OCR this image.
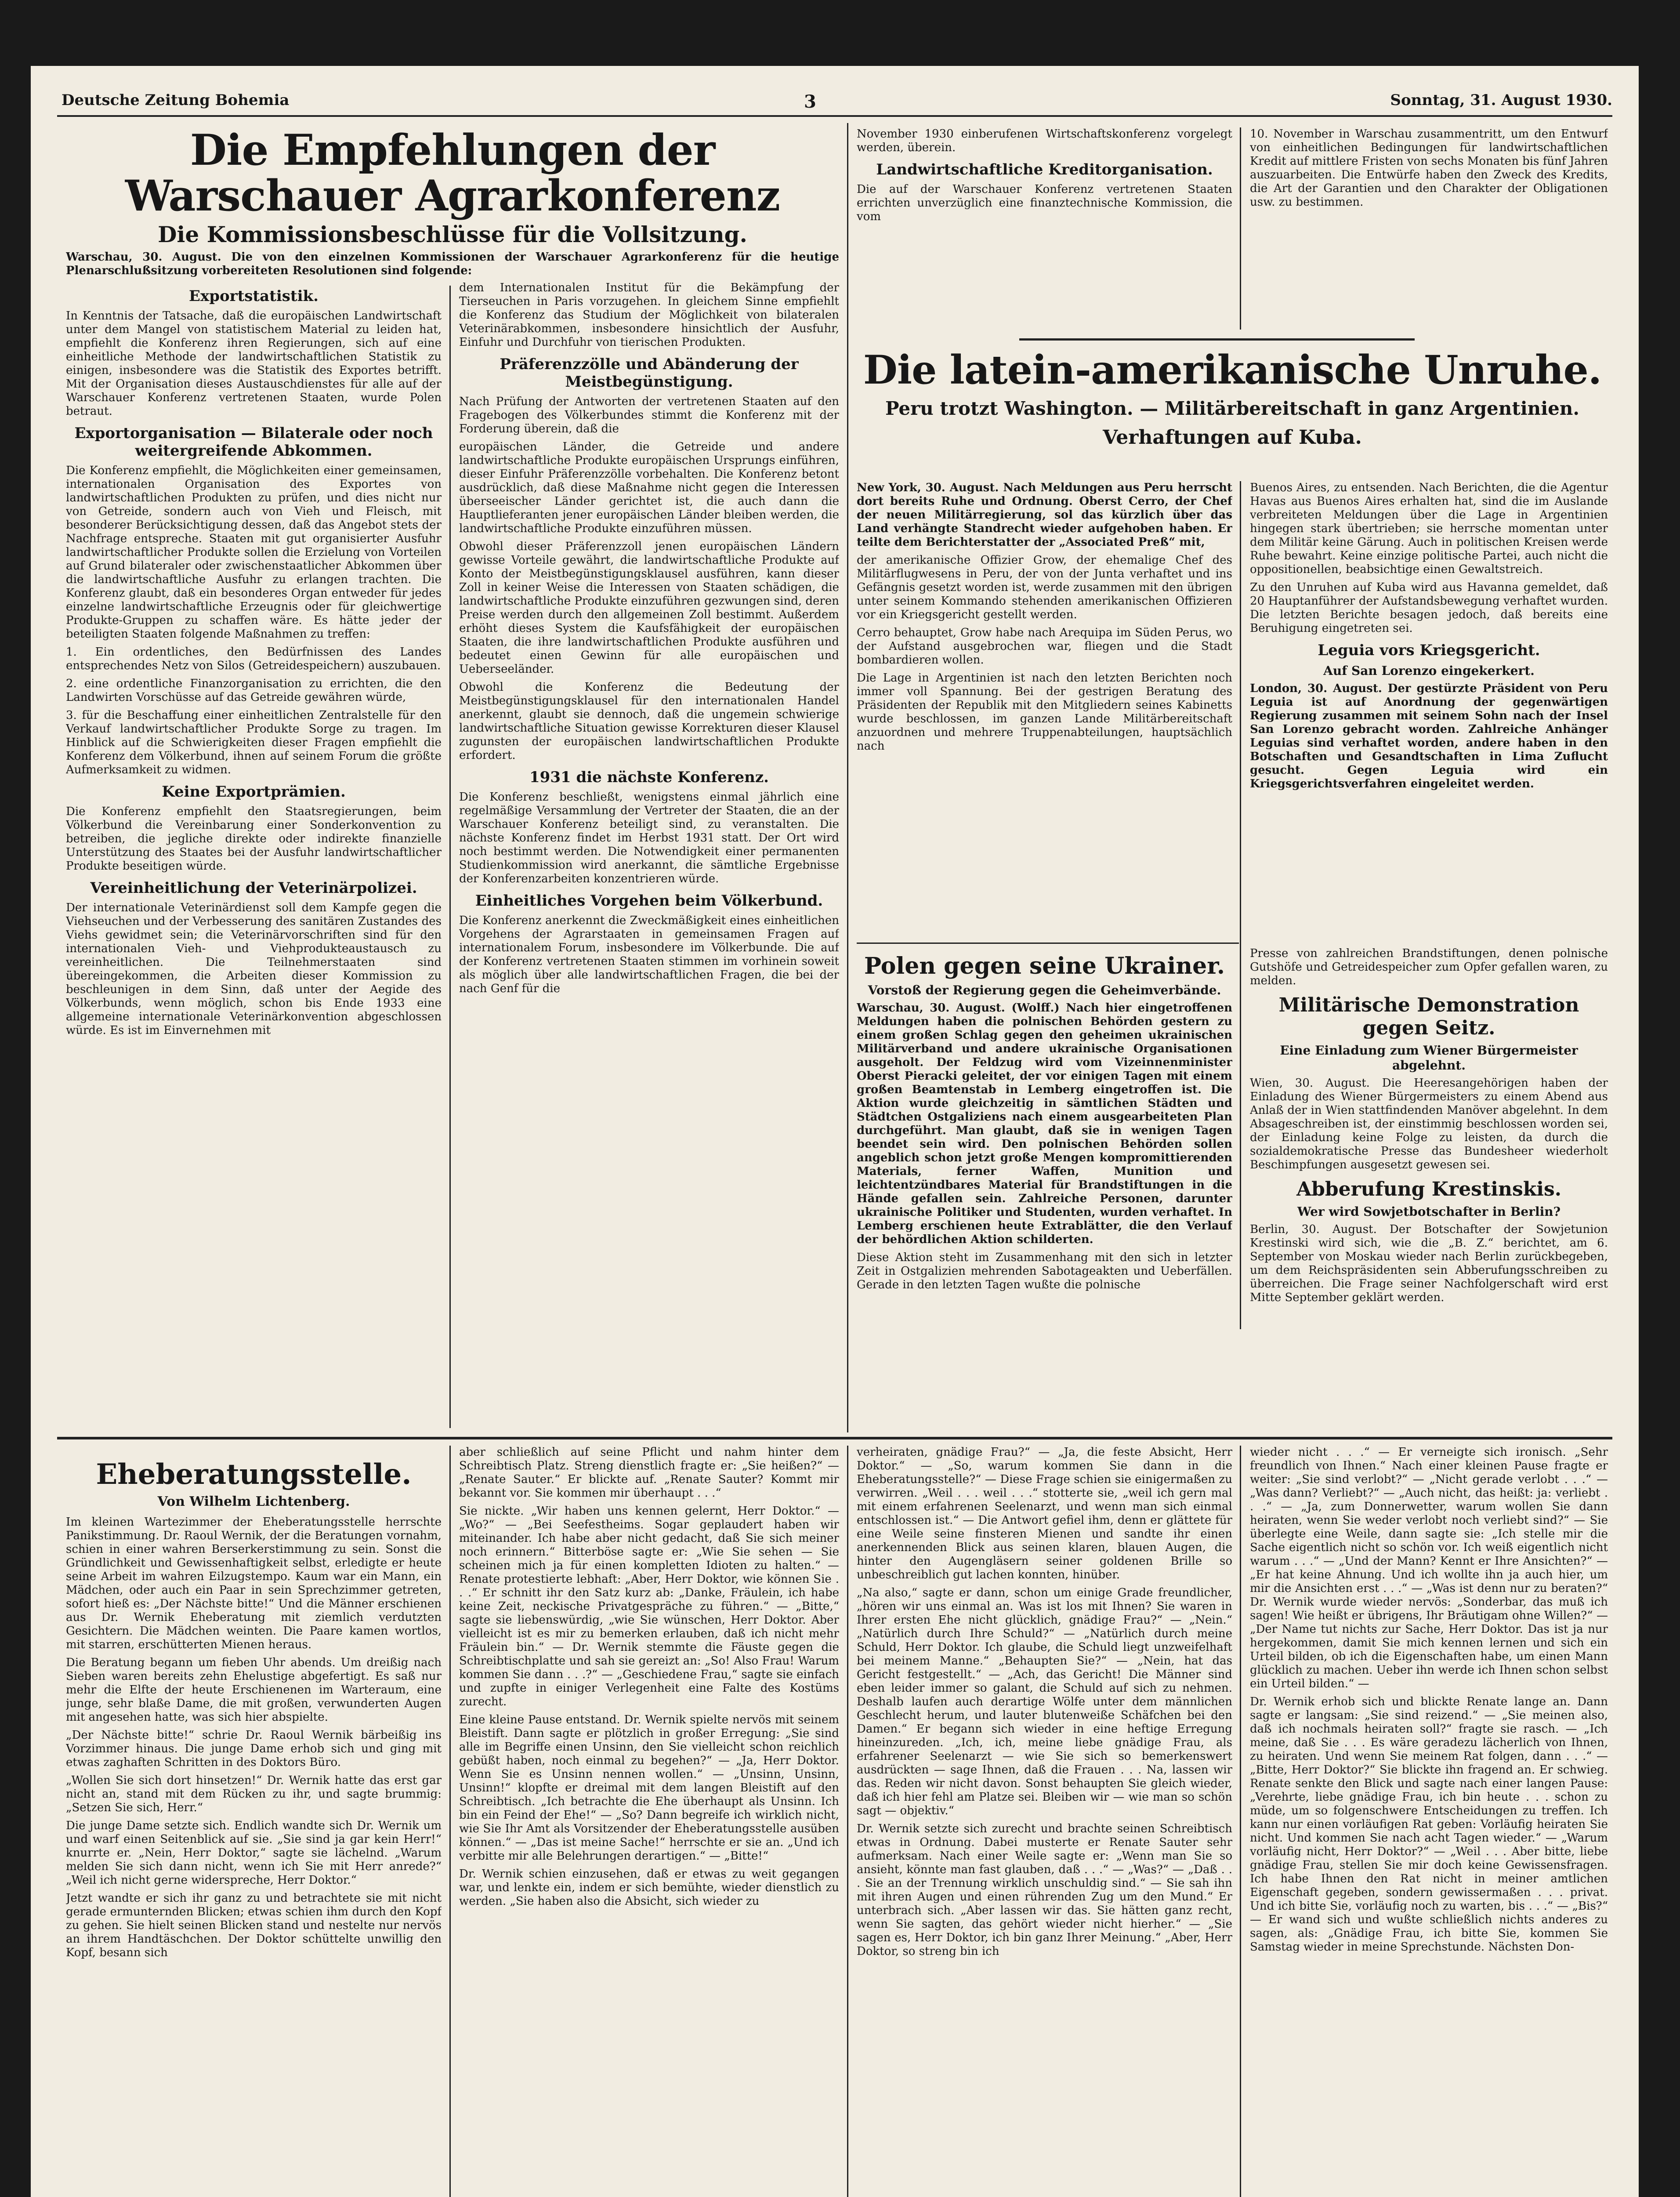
Deutsche Zeitung Bohemia	3	Sonntag, 31. August 1930.
Die Empfehlungen der Warschauer Agrarkonferenz
Die Kommissionsbeschlüsse für die Vollsitzung.

Warschau, 30. August. Die von den einzelnen Kommissionen der Warschauer Agrarkonferenz für die heutige Plenarschlußsitzung vorbereiteten Resolutionen sind folgende:

Exportstatistik.

In Kenntnis der Tatsache, daß die europäischen Landwirtschaft unter dem Mangel von statistischem Material zu leiden hat, empfiehlt die Konferenz ihren Regierungen, sich auf eine einheitliche Methode der landwirtschaftlichen Statistik zu einigen, insbesondere was die Statistik des Exportes betrifft. Mit der Organisation dieses Austauschdienstes für alle auf der Warschauer Konferenz vertretenen Staaten, wurde Polen betraut.

Exportorganisation — Bilaterale oder noch weitergreifende Abkommen.

Die Konferenz empfiehlt, die Möglichkeiten einer gemeinsamen, internationalen Organisation des Exportes von landwirtschaftlichen Produkten zu prüfen, und dies nicht nur von Getreide, sondern auch von Vieh und Fleisch, mit besonderer Berücksichtigung dessen, daß das Angebot stets der Nachfrage entspreche. Staaten mit gut organisierter Ausfuhr landwirtschaftlicher Produkte sollen die Erzielung von Vorteilen auf Grund bilateraler oder zwischenstaatlicher Abkommen über die landwirtschaftliche Ausfuhr zu erlangen trachten. Die Konferenz glaubt, daß ein besonderes Organ entweder für jedes einzelne landwirtschaftliche Erzeugnis oder für gleichwertige Produkte-Gruppen zu schaffen wäre. Es hätte jeder der beteiligten Staaten folgende Maßnahmen zu treffen:

1. Ein ordentliches, den Bedürfnissen des Landes entsprechendes Netz von Silos (Getreidespeichern) auszubauen.

2. eine ordentliche Finanzorganisation zu errichten, die den Landwirten Vorschüsse auf das Getreide gewähren würde,

3. für die Beschaffung einer einheitlichen Zentralstelle für den Verkauf landwirtschaftlicher Produkte Sorge zu tragen. Im Hinblick auf die Schwierigkeiten dieser Fragen empfiehlt die Konferenz dem Völkerbund, ihnen auf seinem Forum die größte Aufmerksamkeit zu widmen.

Keine Exportprämien.

Die Konferenz empfiehlt den Staatsregierungen, beim Völkerbund die Vereinbarung einer Sonderkonvention zu betreiben, die jegliche direkte oder indirekte finanzielle Unterstützung des Staates bei der Ausfuhr landwirtschaftlicher Produkte beseitigen würde.

Vereinheitlichung der Veterinärpolizei.

Der internationale Veterinärdienst soll dem Kampfe gegen die Viehseuchen und der Verbesserung des sanitären Zustandes des Viehs gewidmet sein; die Veterinärvorschriften sind für den internationalen Vieh- und Viehprodukteaustausch zu vereinheitlichen. Die Teilnehmerstaaten sind übereingekommen, die Arbeiten dieser Kommission zu beschleunigen in dem Sinn, daß unter der Aegide des Völkerbunds, wenn möglich, schon bis Ende 1933 eine allgemeine internationale Veterinärkonvention abgeschlossen würde. Es ist im Einvernehmen mit

dem Internationalen Institut für die Bekämpfung der Tierseuchen in Paris vorzugehen. In gleichem Sinne empfiehlt die Konferenz das Studium der Möglichkeit von bilateralen Veterinärabkommen, insbesondere hinsichtlich der Ausfuhr, Einfuhr und Durchfuhr von tierischen Produkten.

Präferenzzölle und Abänderung der Meistbegünstigung.

Nach Prüfung der Antworten der vertretenen Staaten auf den Fragebogen des Völkerbundes stimmt die Konferenz mit der Forderung überein, daß die

europäischen Länder, die Getreide und andere landwirtschaftliche Produkte europäischen Ursprungs einführen, dieser Einfuhr Präferenzzölle vorbehalten. Die Konferenz betont ausdrücklich, daß diese Maßnahme nicht gegen die Interessen überseeischer Länder gerichtet ist, die auch dann die Hauptlieferanten jener europäischen Länder bleiben werden, die landwirtschaftliche Produkte einzuführen müssen.

Obwohl dieser Präferenzzoll jenen europäischen Ländern gewisse Vorteile gewährt, die landwirtschaftliche Produkte auf Konto der Meistbegünstigungsklausel ausführen, kann dieser Zoll in keiner Weise die Interessen von Staaten schädigen, die landwirtschaftliche Produkte einzuführen gezwungen sind, deren Preise werden durch den allgemeinen Zoll bestimmt. Außerdem erhöht dieses System die Kaufsfähigkeit der europäischen Staaten, die ihre landwirtschaftlichen Produkte ausführen und bedeutet einen Gewinn für alle europäischen und Ueberseeländer.

Obwohl die Konferenz die Bedeutung der Meistbegünstigungsklausel für den internationalen Handel anerkennt, glaubt sie dennoch, daß die ungemein schwierige landwirtschaftliche Situation gewisse Korrekturen dieser Klausel zugunsten der europäischen landwirtschaftlichen Produkte erfordert.

1931 die nächste Konferenz.

Die Konferenz beschließt, wenigstens einmal jährlich eine regelmäßige Versammlung der Vertreter der Staaten, die an der Warschauer Konferenz beteiligt sind, zu veranstalten. Die nächste Konferenz findet im Herbst 1931 statt. Der Ort wird noch bestimmt werden. Die Notwendigkeit einer permanenten Studienkommission wird anerkannt, die sämtliche Ergebnisse der Konferenzarbeiten konzentrieren würde.

Einheitliches Vorgehen beim Völkerbund.

Die Konferenz anerkennt die Zweckmäßigkeit eines einheitlichen Vorgehens der Agrarstaaten in gemeinsamen Fragen auf internationalem Forum, insbesondere im Völkerbunde. Die auf der Konferenz vertretenen Staaten stimmen im vorhinein soweit als möglich über alle landwirtschaftlichen Fragen, die bei der nach Genf für die

November 1930 einberufenen Wirtschaftskonferenz vorgelegt werden, überein.

Landwirtschaftliche Kreditorganisation.

Die auf der Warschauer Konferenz vertretenen Staaten errichten unverzüglich eine finanztechnische Kommission, die vom

10. November in Warschau zusammentritt, um den Entwurf von einheitlichen Bedingungen für landwirtschaftlichen Kredit auf mittlere Fristen von sechs Monaten bis fünf Jahren auszuarbeiten. Die Entwürfe haben den Zweck des Kredits, die Art der Garantien und den Charakter der Obligationen usw. zu bestimmen.

Die latein-amerikanische Unruhe.
Peru trotzt Washington. — Militärbereitschaft in ganz Argentinien.
Verhaftungen auf Kuba.

New York, 30. August. Nach Meldungen aus Peru herrscht dort bereits Ruhe und Ordnung. Oberst Cerro, der Chef der neuen Militärregierung, sol das kürzlich über das Land verhängte Standrecht wieder aufgehoben haben. Er teilte dem Berichterstatter der „Associated Preß“ mit,

der amerikanische Offizier Grow, der ehemalige Chef des Militärflugwesens in Peru, der von der Junta verhaftet und ins Gefängnis gesetzt worden ist, werde zusammen mit den übrigen unter seinem Kommando stehenden amerikanischen Offizieren vor ein Kriegsgericht gestellt werden.

Cerro behauptet, Grow habe nach Arequipa im Süden Perus, wo der Aufstand ausgebrochen war, fliegen und die Stadt bombardieren wollen.

Die Lage in Argentinien ist nach den letzten Berichten noch immer voll Spannung. Bei der gestrigen Beratung des Präsidenten der Republik mit den Mitgliedern seines Kabinetts wurde beschlossen, im ganzen Lande Militärbereitschaft anzuordnen und mehrere Truppenabteilungen, hauptsächlich nach

Buenos Aires, zu entsenden. Nach Berichten, die die Agentur Havas aus Buenos Aires erhalten hat, sind die im Auslande verbreiteten Meldungen über die Lage in Argentinien hingegen stark übertrieben; sie herrsche momentan unter dem Militär keine Gärung. Auch in politischen Kreisen werde Ruhe bewahrt. Keine einzige politische Partei, auch nicht die oppositionellen, beabsichtige einen Gewaltstreich.

Zu den Unruhen auf Kuba wird aus Havanna gemeldet, daß 20 Hauptanführer der Aufstandsbewegung verhaftet wurden. Die letzten Berichte besagen jedoch, daß bereits eine Beruhigung eingetreten sei.

Leguia vors Kriegsgericht.
Auf San Lorenzo eingekerkert.

London, 30. August. Der gestürzte Präsident von Peru Leguia ist auf Anordnung der gegenwärtigen Regierung zusammen mit seinem Sohn nach der Insel San Lorenzo gebracht worden. Zahlreiche Anhänger Leguias sind verhaftet worden, andere haben in den Botschaften und Gesandtschaften in Lima Zuflucht gesucht. Gegen Leguia wird ein Kriegsgerichtsverfahren eingeleitet werden.

Polen gegen seine Ukrainer.
Vorstoß der Regierung gegen die Geheimverbände.

Warschau, 30. August. (Wolff.) Nach hier eingetroffenen Meldungen haben die polnischen Behörden gestern zu einem großen Schlag gegen den geheimen ukrainischen Militärverband und andere ukrainische Organisationen ausgeholt. Der Feldzug wird vom Vizeinnenminister Oberst Pieracki geleitet, der vor einigen Tagen mit einem großen Beamtenstab in Lemberg eingetroffen ist. Die Aktion wurde gleichzeitig in sämtlichen Städten und Städtchen Ostgaliziens nach einem ausgearbeiteten Plan durchgeführt. Man glaubt, daß sie in wenigen Tagen beendet sein wird. Den polnischen Behörden sollen angeblich schon jetzt große Mengen kompromittierenden Materials, ferner Waffen, Munition und leichtentzündbares Material für Brandstiftungen in die Hände gefallen sein. Zahlreiche Personen, darunter ukrainische Politiker und Studenten, wurden verhaftet. In Lemberg erschienen heute Extrablätter, die den Verlauf der behördlichen Aktion schilderten.

Diese Aktion steht im Zusammenhang mit den sich in letzter Zeit in Ostgalizien mehrenden Sabotageakten und Ueberfällen. Gerade in den letzten Tagen wußte die polnische

Presse von zahlreichen Brandstiftungen, denen polnische Gutshöfe und Getreidespeicher zum Opfer gefallen waren, zu melden.

Militärische Demonstration gegen Seitz.
Eine Einladung zum Wiener Bürgermeister abgelehnt.

Wien, 30. August. Die Heeresangehörigen haben der Einladung des Wiener Bürgermeisters zu einem Abend aus Anlaß der in Wien stattfindenden Manöver abgelehnt. In dem Absageschreiben ist, der einstimmig beschlossen worden sei, der Einladung keine Folge zu leisten, da durch die sozialdemokratische Presse das Bundesheer wiederholt Beschimpfungen ausgesetzt gewesen sei.

Abberufung Krestinskis.
Wer wird Sowjetbotschafter in Berlin?

Berlin, 30. August. Der Botschafter der Sowjetunion Krestinski wird sich, wie die „B. Z.“ berichtet, am 6. September von Moskau wieder nach Berlin zurückbegeben, um dem Reichspräsidenten sein Abberufungsschreiben zu überreichen. Die Frage seiner Nachfolgerschaft wird erst Mitte September geklärt werden.

Eheberatungsstelle.
Von Wilhelm Lichtenberg.

Im kleinen Wartezimmer der Eheberatungsstelle herrschte Panikstimmung. Dr. Raoul Wernik, der die Beratungen vornahm, schien in einer wahren Berserkerstimmung zu sein. Sonst die Gründlichkeit und Gewissenhaftigkeit selbst, erledigte er heute seine Arbeit im wahren Eilzugstempo. Kaum war ein Mann, ein Mädchen, oder auch ein Paar in sein Sprechzimmer getreten, sofort hieß es: „Der Nächste bitte!“ Und die Männer erschienen aus Dr. Wernik Eheberatung mit ziemlich verdutzten Gesichtern. Die Mädchen weinten. Die Paare kamen wortlos, mit starren, erschütterten Mienen heraus.

Die Beratung begann um fieben Uhr abends. Um dreißig nach Sieben waren bereits zehn Ehelustige abgefertigt. Es saß nur mehr die Elfte der heute Erschienenen im Warteraum, eine junge, sehr blaße Dame, die mit großen, verwunderten Augen mit angesehen hatte, was sich hier abspielte.

„Der Nächste bitte!“ schrie Dr. Raoul Wernik bärbeißig ins Vorzimmer hinaus. Die junge Dame erhob sich und ging mit etwas zaghaften Schritten in des Doktors Büro.

„Wollen Sie sich dort hinsetzen!“ Dr. Wernik hatte das erst gar nicht an, stand mit dem Rücken zu ihr, und sagte brummig: „Setzen Sie sich, Herr.“

Die junge Dame setzte sich. Endlich wandte sich Dr. Wernik um und warf einen Seitenblick auf sie. „Sie sind ja gar kein Herr!“ knurrte er. „Nein, Herr Doktor,“ sagte sie lächelnd. „Warum melden Sie sich dann nicht, wenn ich Sie mit Herr anrede?“ „Weil ich nicht gerne widerspreche, Herr Doktor.“

Jetzt wandte er sich ihr ganz zu und betrachtete sie mit nicht gerade ermunternden Blicken; etwas schien ihm durch den Kopf zu gehen. Sie hielt seinen Blicken stand und nestelte nur nervös an ihrem Handtäschchen. Der Doktor schüttelte unwillig den Kopf, besann sich

aber schließlich auf seine Pflicht und nahm hinter dem Schreibtisch Platz. Streng dienstlich fragte er: „Sie heißen?“ — „Renate Sauter.“ Er blickte auf. „Renate Sauter? Kommt mir bekannt vor. Sie kommen mir überhaupt . . .“

Sie nickte. „Wir haben uns kennen gelernt, Herr Doktor.“ — „Wo?“ — „Bei Seefestheims. Sogar geplaudert haben wir miteinander. Ich habe aber nicht gedacht, daß Sie sich meiner noch erinnern.“ Bitterböse sagte er: „Wie Sie sehen — Sie scheinen mich ja für einen kompletten Idioten zu halten.“ — Renate protestierte lebhaft: „Aber, Herr Doktor, wie können Sie . . .“ Er schnitt ihr den Satz kurz ab: „Danke, Fräulein, ich habe keine Zeit, neckische Privatgespräche zu führen.“ — „Bitte,“ sagte sie liebenswürdig, „wie Sie wünschen, Herr Doktor. Aber vielleicht ist es mir zu bemerken erlauben, daß ich nicht mehr Fräulein bin.“ — Dr. Wernik stemmte die Fäuste gegen die Schreibtischplatte und sah sie gereizt an: „So! Also Frau! Warum kommen Sie dann . . .?“ — „Geschiedene Frau,“ sagte sie einfach und zupfte in einiger Verlegenheit eine Falte des Kostüms zurecht.

Eine kleine Pause entstand. Dr. Wernik spielte nervös mit seinem Bleistift. Dann sagte er plötzlich in großer Erregung: „Sie sind alle im Begriffe einen Unsinn, den Sie vielleicht schon reichlich gebüßt haben, noch einmal zu begehen?“ — „Ja, Herr Doktor. Wenn Sie es Unsinn nennen wollen.“ — „Unsinn, Unsinn, Unsinn!“ klopfte er dreimal mit dem langen Bleistift auf den Schreibtisch. „Ich betrachte die Ehe überhaupt als Unsinn. Ich bin ein Feind der Ehe!“ — „So? Dann begreife ich wirklich nicht, wie Sie Ihr Amt als Vorsitzender der Eheberatungsstelle ausüben können.“ — „Das ist meine Sache!“ herrschte er sie an. „Und ich verbitte mir alle Belehrungen derartigen.“ — „Bitte!“

Dr. Wernik schien einzusehen, daß er etwas zu weit gegangen war, und lenkte ein, indem er sich bemühte, wieder dienstlich zu werden. „Sie haben also die Absicht, sich wieder zu

verheiraten, gnädige Frau?“ — „Ja, die feste Absicht, Herr Doktor.“ — „So, warum kommen Sie dann in die Eheberatungsstelle?“ — Diese Frage schien sie einigermaßen zu verwirren. „Weil . . . weil . . .“ stotterte sie, „weil ich gern mal mit einem erfahrenen Seelenarzt, und wenn man sich einmal entschlossen ist.“ — Die Antwort gefiel ihm, denn er glättete für eine Weile seine finsteren Mienen und sandte ihr einen anerkennenden Blick aus seinen klaren, blauen Augen, die hinter den Augengläsern seiner goldenen Brille so unbeschreiblich gut lachen konnten, hinüber.

„Na also,“ sagte er dann, schon um einige Grade freundlicher, „hören wir uns einmal an. Was ist los mit Ihnen? Sie waren in Ihrer ersten Ehe nicht glücklich, gnädige Frau?“ — „Nein.“ „Natürlich durch Ihre Schuld?“ — „Natürlich durch meine Schuld, Herr Doktor. Ich glaube, die Schuld liegt unzweifelhaft bei meinem Manne.“ „Behaupten Sie?“ — „Nein, hat das Gericht festgestellt.“ — „Ach, das Gericht! Die Männer sind eben leider immer so galant, die Schuld auf sich zu nehmen. Deshalb laufen auch derartige Wölfe unter dem männlichen Geschlecht herum, und lauter blutenweiße Schäfchen bei den Damen.“ Er begann sich wieder in eine heftige Erregung hineinzureden. „Ich, ich, meine liebe gnädige Frau, als erfahrener Seelenarzt — wie Sie sich so bemerkenswert ausdrückten — sage Ihnen, daß die Frauen . . . Na, lassen wir das. Reden wir nicht davon. Sonst behaupten Sie gleich wieder, daß ich hier fehl am Platze sei. Bleiben wir — wie man so schön sagt — objektiv.“

Dr. Wernik setzte sich zurecht und brachte seinen Schreibtisch etwas in Ordnung. Dabei musterte er Renate Sauter sehr aufmerksam. Nach einer Weile sagte er: „Wenn man Sie so ansieht, könnte man fast glauben, daß . . .“ — „Was?“ — „Daß . . . Sie an der Trennung wirklich unschuldig sind.“ — Sie sah ihn mit ihren Augen und einen rührenden Zug um den Mund.“ Er unterbrach sich. „Aber lassen wir das. Sie hätten ganz recht, wenn Sie sagten, das gehört wieder nicht hierher.“ — „Sie sagen es, Herr Doktor, ich bin ganz Ihrer Meinung.“ „Aber, Herr Doktor, so streng bin ich

wieder nicht . . .“ — Er verneigte sich ironisch. „Sehr freundlich von Ihnen.“ Nach einer kleinen Pause fragte er weiter: „Sie sind verlobt?“ — „Nicht gerade verlobt . . .“ — „Was dann? Verliebt?“ — „Auch nicht, das heißt: ja: verliebt . . .“ — „Ja, zum Donnerwetter, warum wollen Sie dann heiraten, wenn Sie weder verlobt noch verliebt sind?“ — Sie überlegte eine Weile, dann sagte sie: „Ich stelle mir die Sache eigentlich nicht so schön vor. Ich weiß eigentlich nicht warum . . .“ — „Und der Mann? Kennt er Ihre Ansichten?“ — „Er hat keine Ahnung. Und ich wollte ihn ja auch hier, um mir die Ansichten erst . . .“ — „Was ist denn nur zu beraten?“ Dr. Wernik wurde wieder nervös: „Sonderbar, das muß ich sagen! Wie heißt er übrigens, Ihr Bräutigam ohne Willen?“ — „Der Name tut nichts zur Sache, Herr Doktor. Das ist ja nur hergekommen, damit Sie mich kennen lernen und sich ein Urteil bilden, ob ich die Eigenschaften habe, um einen Mann glücklich zu machen. Ueber ihn werde ich Ihnen schon selbst ein Urteil bilden.“ —

Dr. Wernik erhob sich und blickte Renate lange an. Dann sagte er langsam: „Sie sind reizend.“ — „Sie meinen also, daß ich nochmals heiraten soll?“ fragte sie rasch. — „Ich meine, daß Sie . . . Es wäre geradezu lächerlich von Ihnen, zu heiraten. Und wenn Sie meinem Rat folgen, dann . . .“ — „Bitte, Herr Doktor?“ Sie blickte ihn fragend an. Er schwieg. Renate senkte den Blick und sagte nach einer langen Pause: „Verehrte, liebe gnädige Frau, ich bin heute . . . schon zu müde, um so folgenschwere Entscheidungen zu treffen. Ich kann nur einen vorläufigen Rat geben: Vorläufig heiraten Sie nicht. Und kommen Sie nach acht Tagen wieder.“ — „Warum vorläufig nicht, Herr Doktor?“ — „Weil . . . Aber bitte, liebe gnädige Frau, stellen Sie mir doch keine Gewissensfragen. Ich habe Ihnen den Rat nicht in meiner amtlichen Eigenschaft gegeben, sondern gewissermaßen . . . privat. Und ich bitte Sie, vorläufig noch zu warten, bis . . .“ — „Bis?“ — Er wand sich und wußte schließlich nichts anderes zu sagen, als: „Gnädige Frau, ich bitte Sie, kommen Sie Samstag wieder in meine Sprechstunde. Nächsten Don-
